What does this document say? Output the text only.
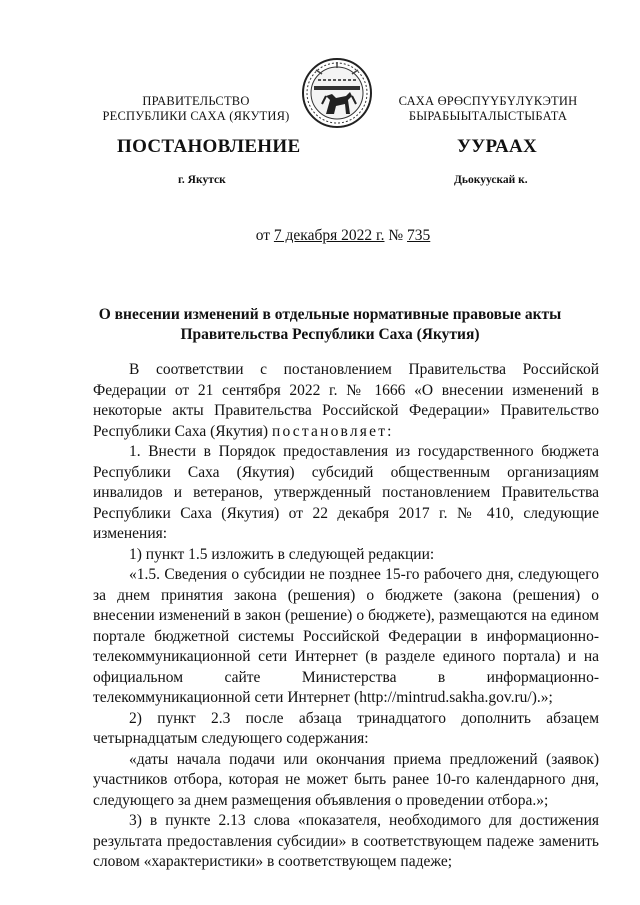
ПРАВИТЕЛЬСТВО
РЕСПУБЛИКИ САХА (ЯКУТИЯ)
САХА ӨРӨСПҮҮБҮЛҮКЭТИН
БЫРАБЫЫТАЛЫСТЫБАТА
ПОСТАНОВЛЕНИЕ	УУРААХ
г. Якутск	Дьокуускай к.
от 7 декабря 2022 г. № 735
О внесении изменений в отдельные нормативные правовые акты
Правительства Республики Саха (Якутия)

В соответствии с постановлением Правительства Российской Федерации от 21 сентября 2022 г. № 1666 «О внесении изменений в некоторые акты Правительства Российской Федерации» Правительство Республики Саха (Якутия) постановляет:

1. Внести в Порядок предоставления из государственного бюджета Республики Саха (Якутия) субсидий общественным организациям инвалидов и ветеранов, утвержденный постановлением Правительства Республики Саха (Якутия) от 22 декабря 2017 г. № 410, следующие изменения:

1) пункт 1.5 изложить в следующей редакции:

«1.5. Сведения о субсидии не позднее 15-го рабочего дня, следующего за днем принятия закона (решения) о бюджете (закона (решения) о внесении изменений в закон (решение) о бюджете), размещаются на едином портале бюджетной системы Российской Федерации в информационно-телекоммуникационной сети Интернет (в разделе единого портала) и на официальном сайте Министерства в информационно-телекоммуникационной сети Интернет (http://mintrud.sakha.gov.ru/).»;

2) пункт 2.3 после абзаца тринадцатого дополнить абзацем четырнадцатым следующего содержания:

«даты начала подачи или окончания приема предложений (заявок) участников отбора, которая не может быть ранее 10-го календарного дня, следующего за днем размещения объявления о проведении отбора.»;

3) в пункте 2.13 слова «показателя, необходимого для достижения результата предоставления субсидии» в соответствующем падеже заменить словом «характеристики» в соответствующем падеже;
